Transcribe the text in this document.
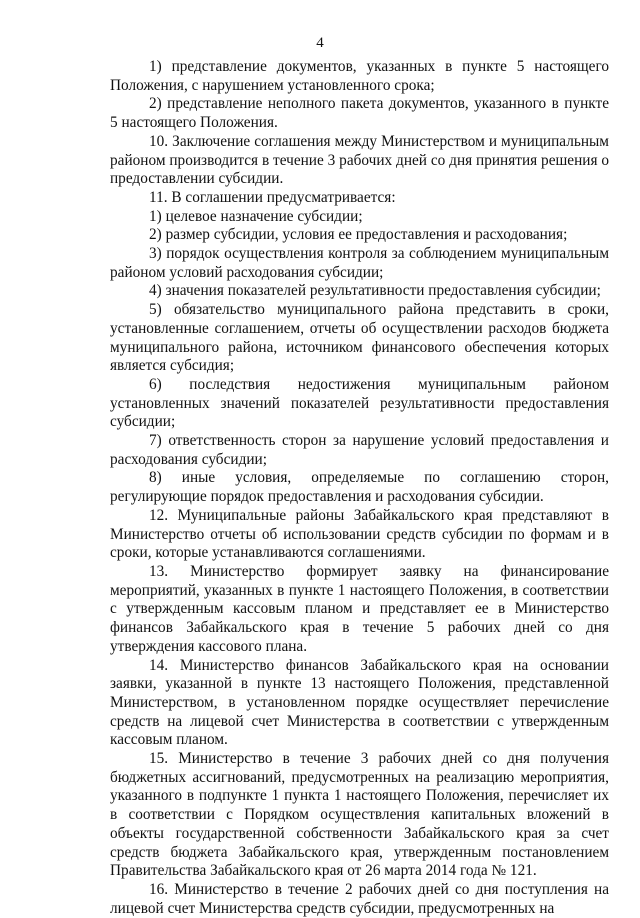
4

1) представление документов, указанных в пункте 5 настоящего Положения, с нарушением установленного срока;

2) представление неполного пакета документов, указанного в пункте 5 настоящего Положения.

10. Заключение соглашения между Министерством и муниципальным районом производится в течение 3 рабочих дней со дня принятия решения о предоставлении субсидии.

11. В соглашении предусматривается:

1) целевое назначение субсидии;

2) размер субсидии, условия ее предоставления и расходования;

3) порядок осуществления контроля за соблюдением муниципальным районом условий расходования субсидии;

4) значения показателей результативности предоставления субсидии;

5) обязательство муниципального района представить в сроки, установленные соглашением, отчеты об осуществлении расходов бюджета муниципального района, источником финансового обеспечения которых является субсидия;

6) последствия недостижения муниципальным районом установленных значений показателей результативности предоставления субсидии;

7) ответственность сторон за нарушение условий предоставления и расходования субсидии;

8) иные условия, определяемые по соглашению сторон, регулирующие порядок предоставления и расходования субсидии.

12. Муниципальные районы Забайкальского края представляют в Министерство отчеты об использовании средств субсидии по формам и в сроки, которые устанавливаются соглашениями.

13. Министерство формирует заявку на финансирование мероприятий, указанных в пункте 1 настоящего Положения, в соответствии с утвержденным кассовым планом и представляет ее в Министерство финансов Забайкальского края в течение 5 рабочих дней со дня утверждения кассового плана.

14. Министерство финансов Забайкальского края на основании заявки, указанной в пункте 13 настоящего Положения, представленной Министерством, в установленном порядке осуществляет перечисление средств на лицевой счет Министерства в соответствии с утвержденным кассовым планом.

15. Министерство в течение 3 рабочих дней со дня получения бюджетных ассигнований, предусмотренных на реализацию мероприятия, указанного в подпункте 1 пункта 1 настоящего Положения, перечисляет их в соответствии с Порядком осуществления капитальных вложений в объекты государственной собственности Забайкальского края за счет средств бюджета Забайкальского края, утвержденным постановлением Правительства Забайкальского края от 26 марта 2014 года № 121.

16. Министерство в течение 2 рабочих дней со дня поступления на лицевой счет Министерства средств субсидии, предусмотренных на
